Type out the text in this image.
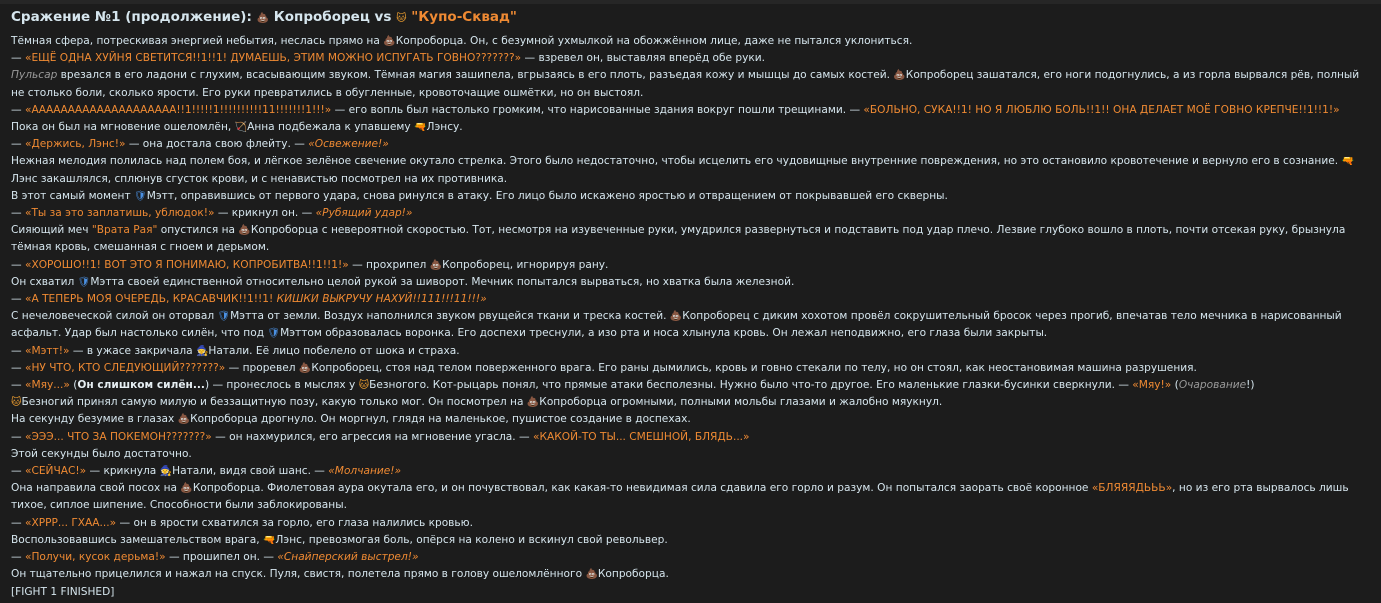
Сражение №1 (продолжение): 💩 Копроборец vs 🐱 "Купо-Сквад"

Тёмная сфера, потрескивая энергией небытия, неслась прямо на 💩Копроборца. Он, с безумной ухмылкой на обожжённом лице, даже не пытался уклониться.

— «ЕЩЁ ОДНА ХУЙНЯ СВЕТИТСЯ!!1!!1! ДУМАЕШЬ, ЭТИМ МОЖНО ИСПУГАТЬ ГОВНО???????» — взревел он, выставляя вперёд обе руки.

Пульсар врезался в его ладони с глухим, всасывающим звуком. Тёмная магия зашипела, вгрызаясь в его плоть, разъедая кожу и мышцы до самых костей. 💩Копроборец зашатался, его ноги подогнулись, а из горла вырвался рёв, полный не столько боли, сколько ярости. Его руки превратились в обугленные, кровоточащие ошмётки, но он выстоял.

— «АААААААААААААААААААА!!1!!!!!1!!!!!!!!!!11!!!!!!!1!!!» — его вопль был настолько громким, что нарисованные здания вокруг пошли трещинами. — «БОЛЬНО, СУКА!!1! НО Я ЛЮБЛЮ БОЛЬ!!1!! ОНА ДЕЛАЕТ МОЁ ГОВНО КРЕПЧЕ!!1!!1!»

Пока он был на мгновение ошеломлён, 🏹Анна подбежала к упавшему 🔫Лэнсу.

— «Держись, Лэнс!» — она достала свою флейту. — «Освежение!»

Нежная мелодия полилась над полем боя, и лёгкое зелёное свечение окутало стрелка. Этого было недостаточно, чтобы исцелить его чудовищные внутренние повреждения, но это остановило кровотечение и вернуло его в сознание. 🔫 Лэнс закашлялся, сплюнув сгусток крови, и с ненавистью посмотрел на их противника.

В этот самый момент 🛡Мэтт, оправившись от первого удара, снова ринулся в атаку. Его лицо было искажено яростью и отвращением от покрывавшей его скверны.

— «Ты за это заплатишь, ублюдок!» — крикнул он. — «Рубящий удар!»

Сияющий меч "Врата Рая" опустился на 💩Копроборца с невероятной скоростью. Тот, несмотря на изувеченные руки, умудрился развернуться и подставить под удар плечо. Лезвие глубоко вошло в плоть, почти отсекая руку, брызнула тёмная кровь, смешанная с гноем и дерьмом.

— «ХОРОШО!!1! ВОТ ЭТО Я ПОНИМАЮ, КОПРОБИТВА!!1!!1!» — прохрипел 💩Копроборец, игнорируя рану.

Он схватил 🛡Мэтта своей единственной относительно целой рукой за шиворот. Мечник попытался вырваться, но хватка была железной.

— «А ТЕПЕРЬ МОЯ ОЧЕРЕДЬ, КРАСАВЧИК!!1!!1! КИШКИ ВЫКРУЧУ НАХУЙ!!111!!!11!!!»

С нечеловеческой силой он оторвал 🛡Мэтта от земли. Воздух наполнился звуком рвущейся ткани и треска костей. 💩Копроборец с диким хохотом провёл сокрушительный бросок через прогиб, впечатав тело мечника в нарисованный асфальт. Удар был настолько силён, что под 🛡Мэттом образовалась воронка. Его доспехи треснули, а изо рта и носа хлынула кровь. Он лежал неподвижно, его глаза были закрыты.

— «Мэтт!» — в ужасе закричала 🧙Натали. Её лицо побелело от шока и страха.

— «НУ ЧТО, КТО СЛЕДУЮЩИЙ???????» — проревел 💩Копроборец, стоя над телом поверженного врага. Его раны дымились, кровь и говно стекали по телу, но он стоял, как неостановимая машина разрушения.

— «Мяу...» (Он слишком силён...) — пронеслось в мыслях у 🐱Безногого. Кот-рыцарь понял, что прямые атаки бесполезны. Нужно было что-то другое. Его маленькие глазки-бусинки сверкнули. — «Мяу!» (Очарование!)

🐱Безногий принял самую милую и беззащитную позу, какую только мог. Он посмотрел на 💩Копроборца огромными, полными мольбы глазами и жалобно мяукнул.

На секунду безумие в глазах 💩Копроборца дрогнуло. Он моргнул, глядя на маленькое, пушистое создание в доспехах.

— «ЭЭЭ... ЧТО ЗА ПОКЕМОН???????» — он нахмурился, его агрессия на мгновение угасла. — «КАКОЙ-ТО ТЫ... СМЕШНОЙ, БЛЯДЬ...»

Этой секунды было достаточно.

— «СЕЙЧАС!» — крикнула 🧙Натали, видя свой шанс. — «Молчание!»

Она направила свой посох на 💩Копроборца. Фиолетовая аура окутала его, и он почувствовал, как какая-то невидимая сила сдавила его горло и разум. Он попытался заорать своё коронное «БЛЯЯЯДЬЬЬ», но из его рта вырвалось лишь тихое, сиплое шипение. Способности были заблокированы.

— «ХРРР... ГХАА...» — он в ярости схватился за горло, его глаза налились кровью.

Воспользовавшись замешательством врага, 🔫Лэнс, превозмогая боль, опёрся на колено и вскинул свой револьвер.

— «Получи, кусок дерьма!» — прошипел он. — «Снайперский выстрел!»

Он тщательно прицелился и нажал на спуск. Пуля, свистя, полетела прямо в голову ошеломлённого 💩Копроборца.

[FIGHT 1 FINISHED]
